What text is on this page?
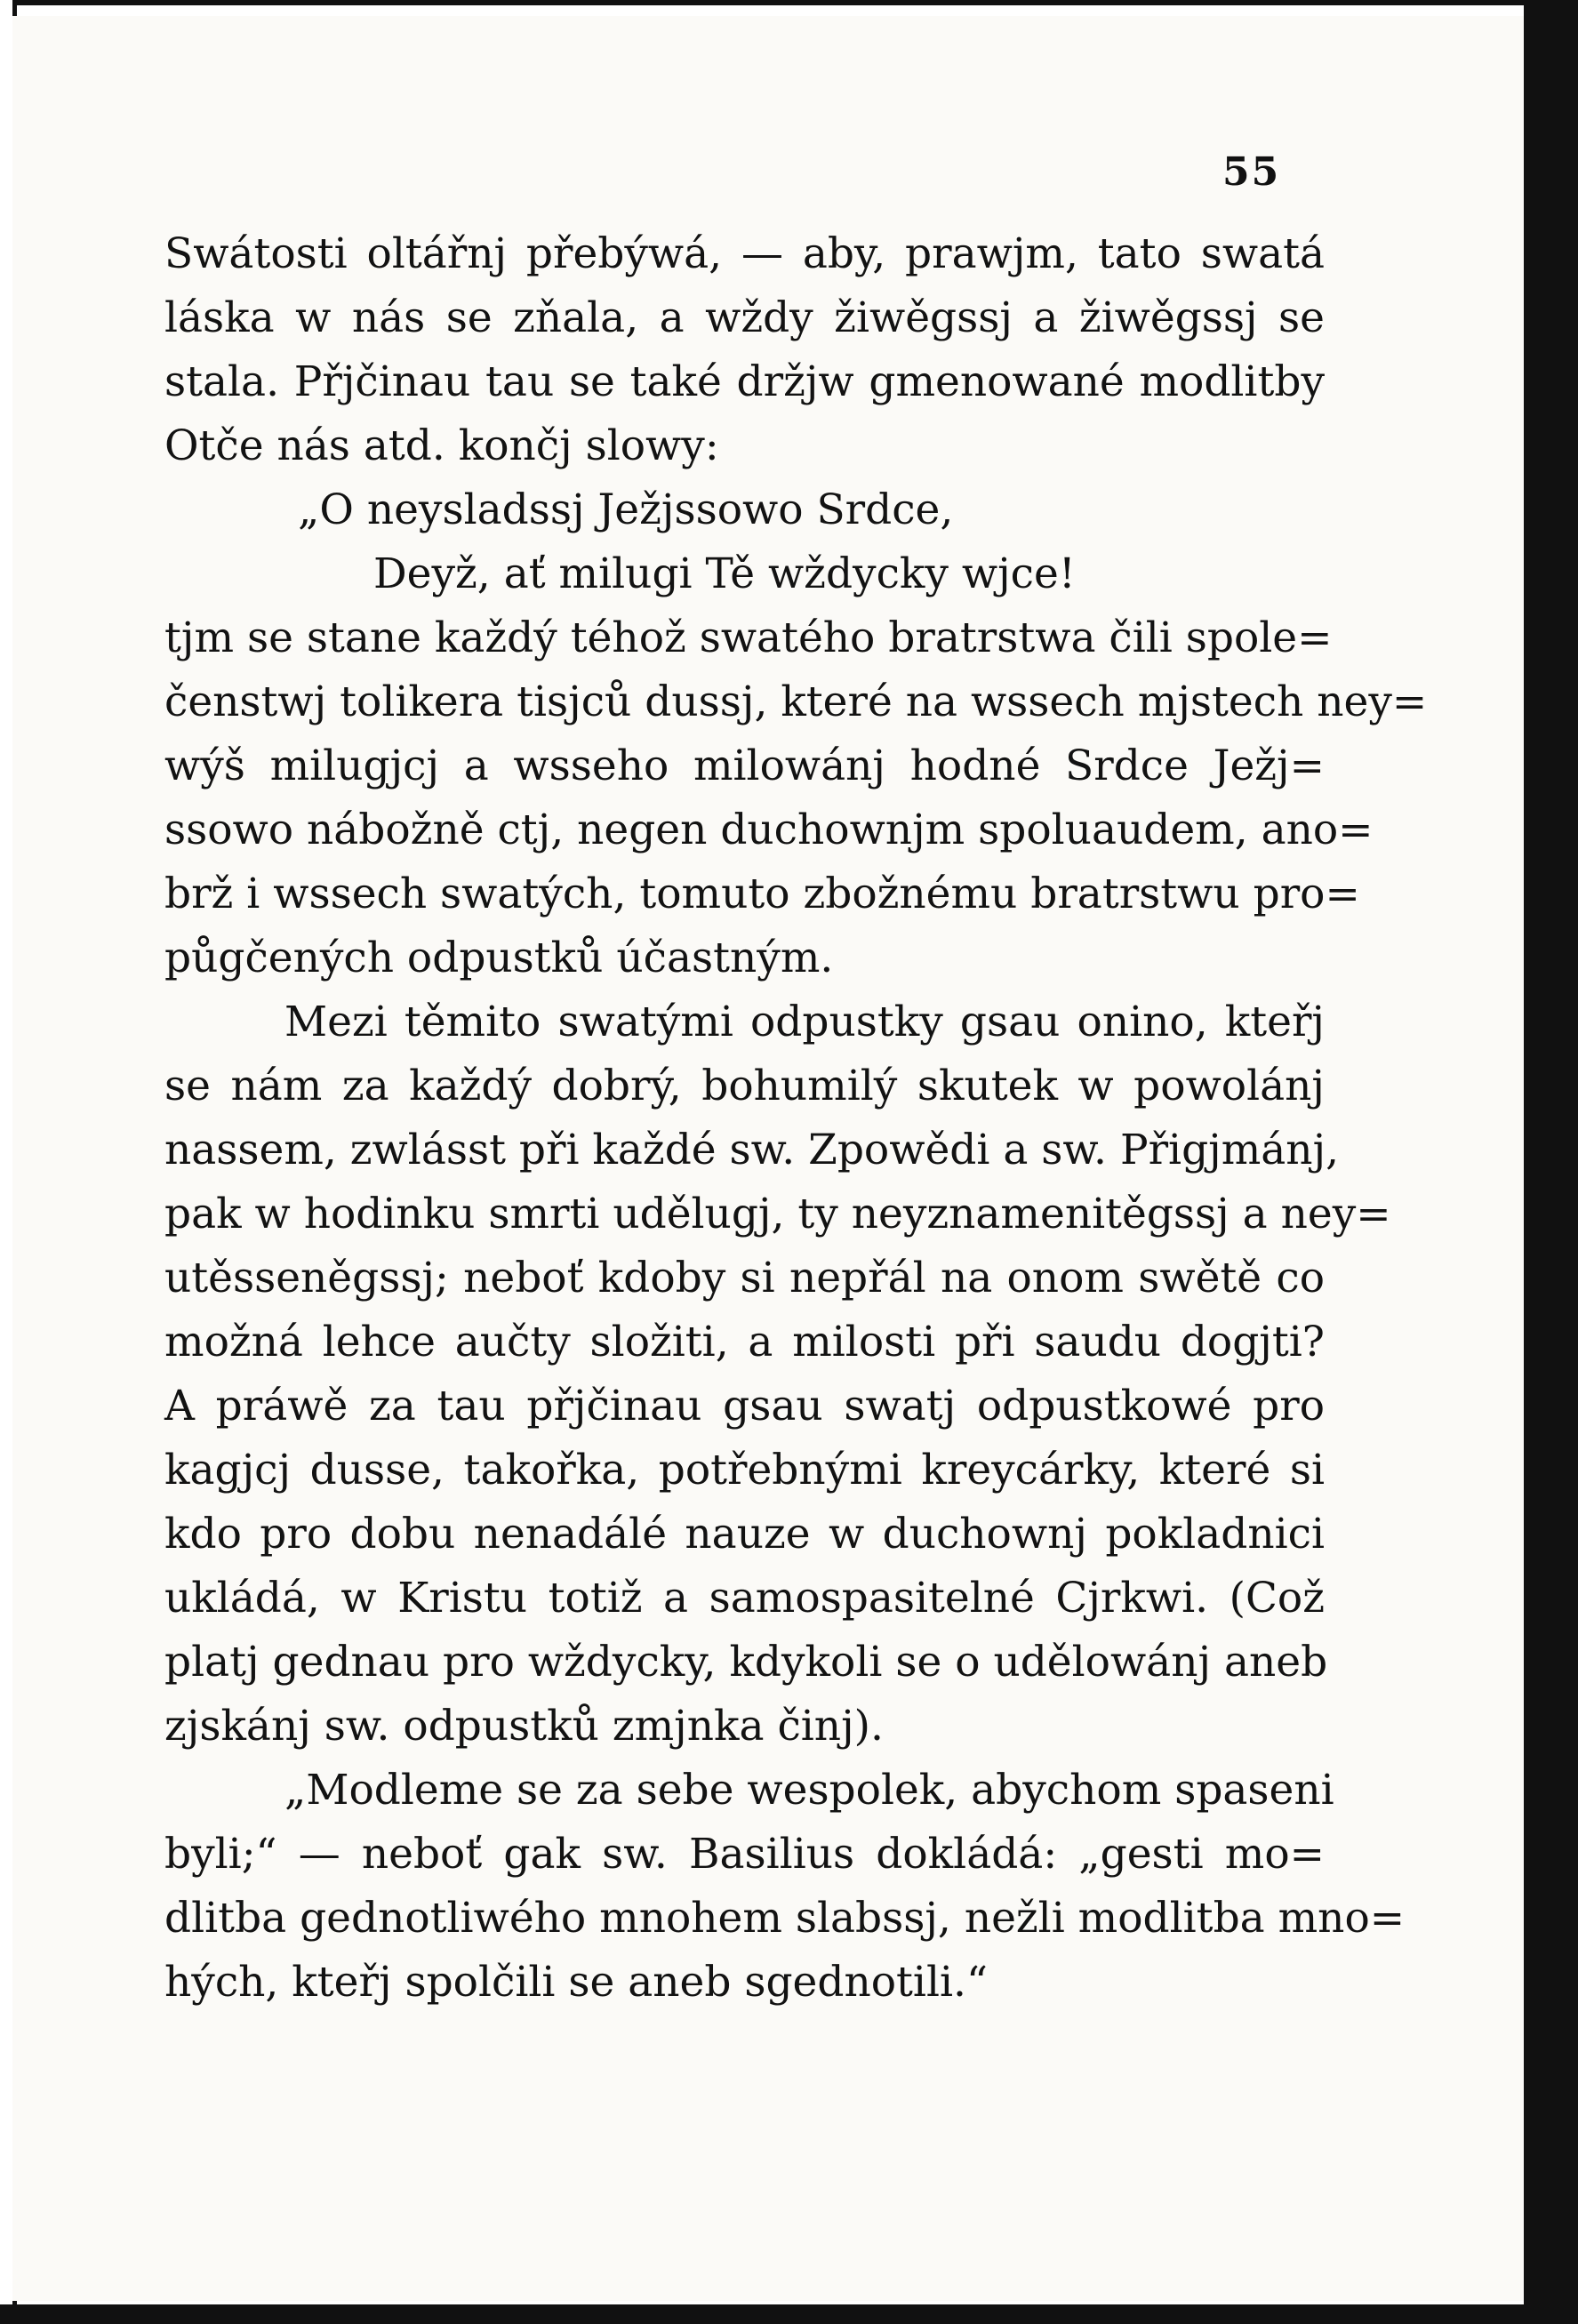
55
Swátosti oltářnj přebýwá, — aby, prawjm, tato swatá
láska w nás se zňala, a wždy žiwěgssj a žiwěgssj se
stala. Přjčinau tau se také držjw gmenowané modlitby
Otče nás atd. končj slowy:
„O neysladssj Ježjssowo Srdce,
Deyž, ať milugi Tě wždycky wjce!
tjm se stane každý téhož swatého bratrstwa čili spole=
čenstwj tolikera tisjců dussj, které na wssech mjstech ney=
wýš milugjcj a wsseho milowánj hodné Srdce Ježj=
ssowo nábožně ctj, negen duchownjm spoluaudem, ano=
brž i wssech swatých, tomuto zbožnému bratrstwu pro=
půgčených odpustků účastným.
Mezi těmito swatými odpustky gsau onino, kteřj
se nám za každý dobrý, bohumilý skutek w powolánj
nassem, zwlásst při každé sw. Zpowědi a sw. Přigjmánj,
pak w hodinku smrti udělugj, ty neyznamenitěgssj a ney=
utěsseněgssj; neboť kdoby si nepřál na onom swětě co
možná lehce aučty složiti, a milosti při saudu dogjti?
A práwě za tau přjčinau gsau swatj odpustkowé pro
kagjcj dusse, takořka, potřebnými kreycárky, které si
kdo pro dobu nenadálé nauze w duchownj pokladnici
ukládá, w Kristu totiž a samospasitelné Cjrkwi. (Což
platj gednau pro wždycky, kdykoli se o udělowánj aneb
zjskánj sw. odpustků zmjnka činj).
„Modleme se za sebe wespolek, abychom spaseni
byli;“ — neboť gak sw. Basilius dokládá: „gesti mo=
dlitba gednotliwého mnohem slabssj, nežli modlitba mno=
hých, kteřj spolčili se aneb sgednotili.“
